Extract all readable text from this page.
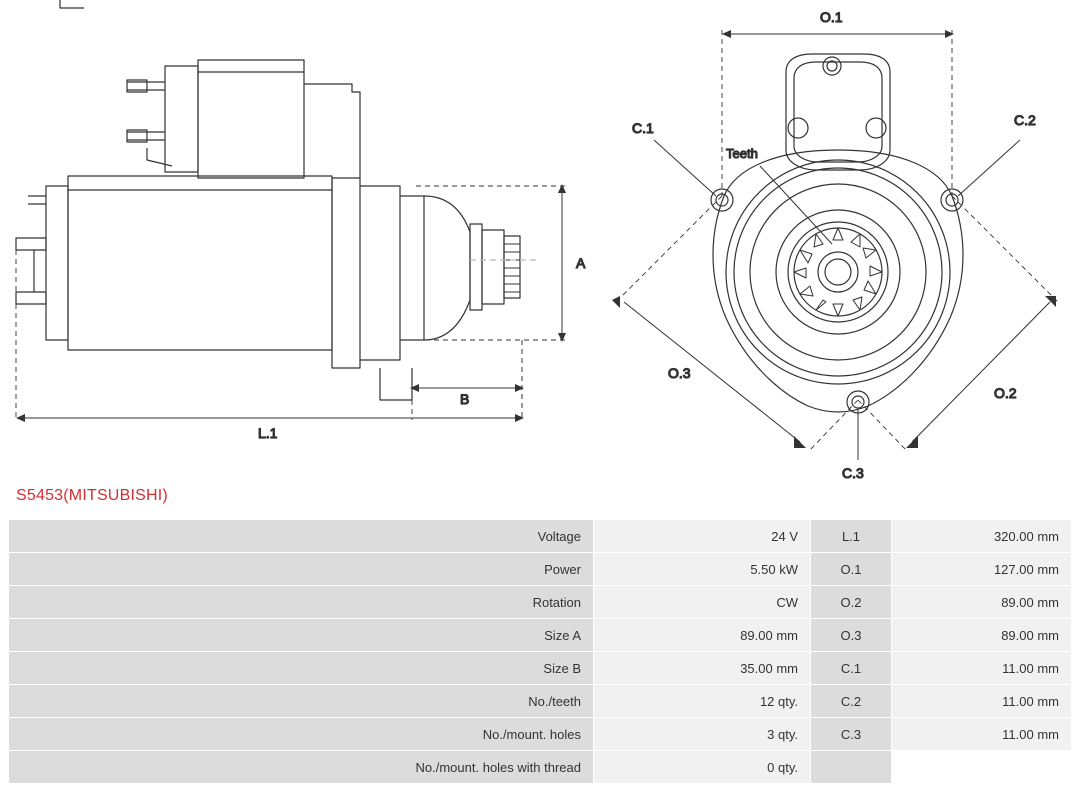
A
B
L.1
O.1
O.2
O.3
C.1	C.2
C.3
Teeth
S5453(MITSUBISHI)
Voltage	24 V	L.1	320.00 mm
Power	5.50 kW	O.1	127.00 mm
Rotation	CW	O.2	89.00 mm
Size A	89.00 mm	O.3	89.00 mm
Size B	35.00 mm	C.1	11.00 mm
No./teeth	12 qty.	C.2	11.00 mm
No./mount. holes	3 qty.	C.3	11.00 mm
No./mount. holes with thread	0 qty.		
